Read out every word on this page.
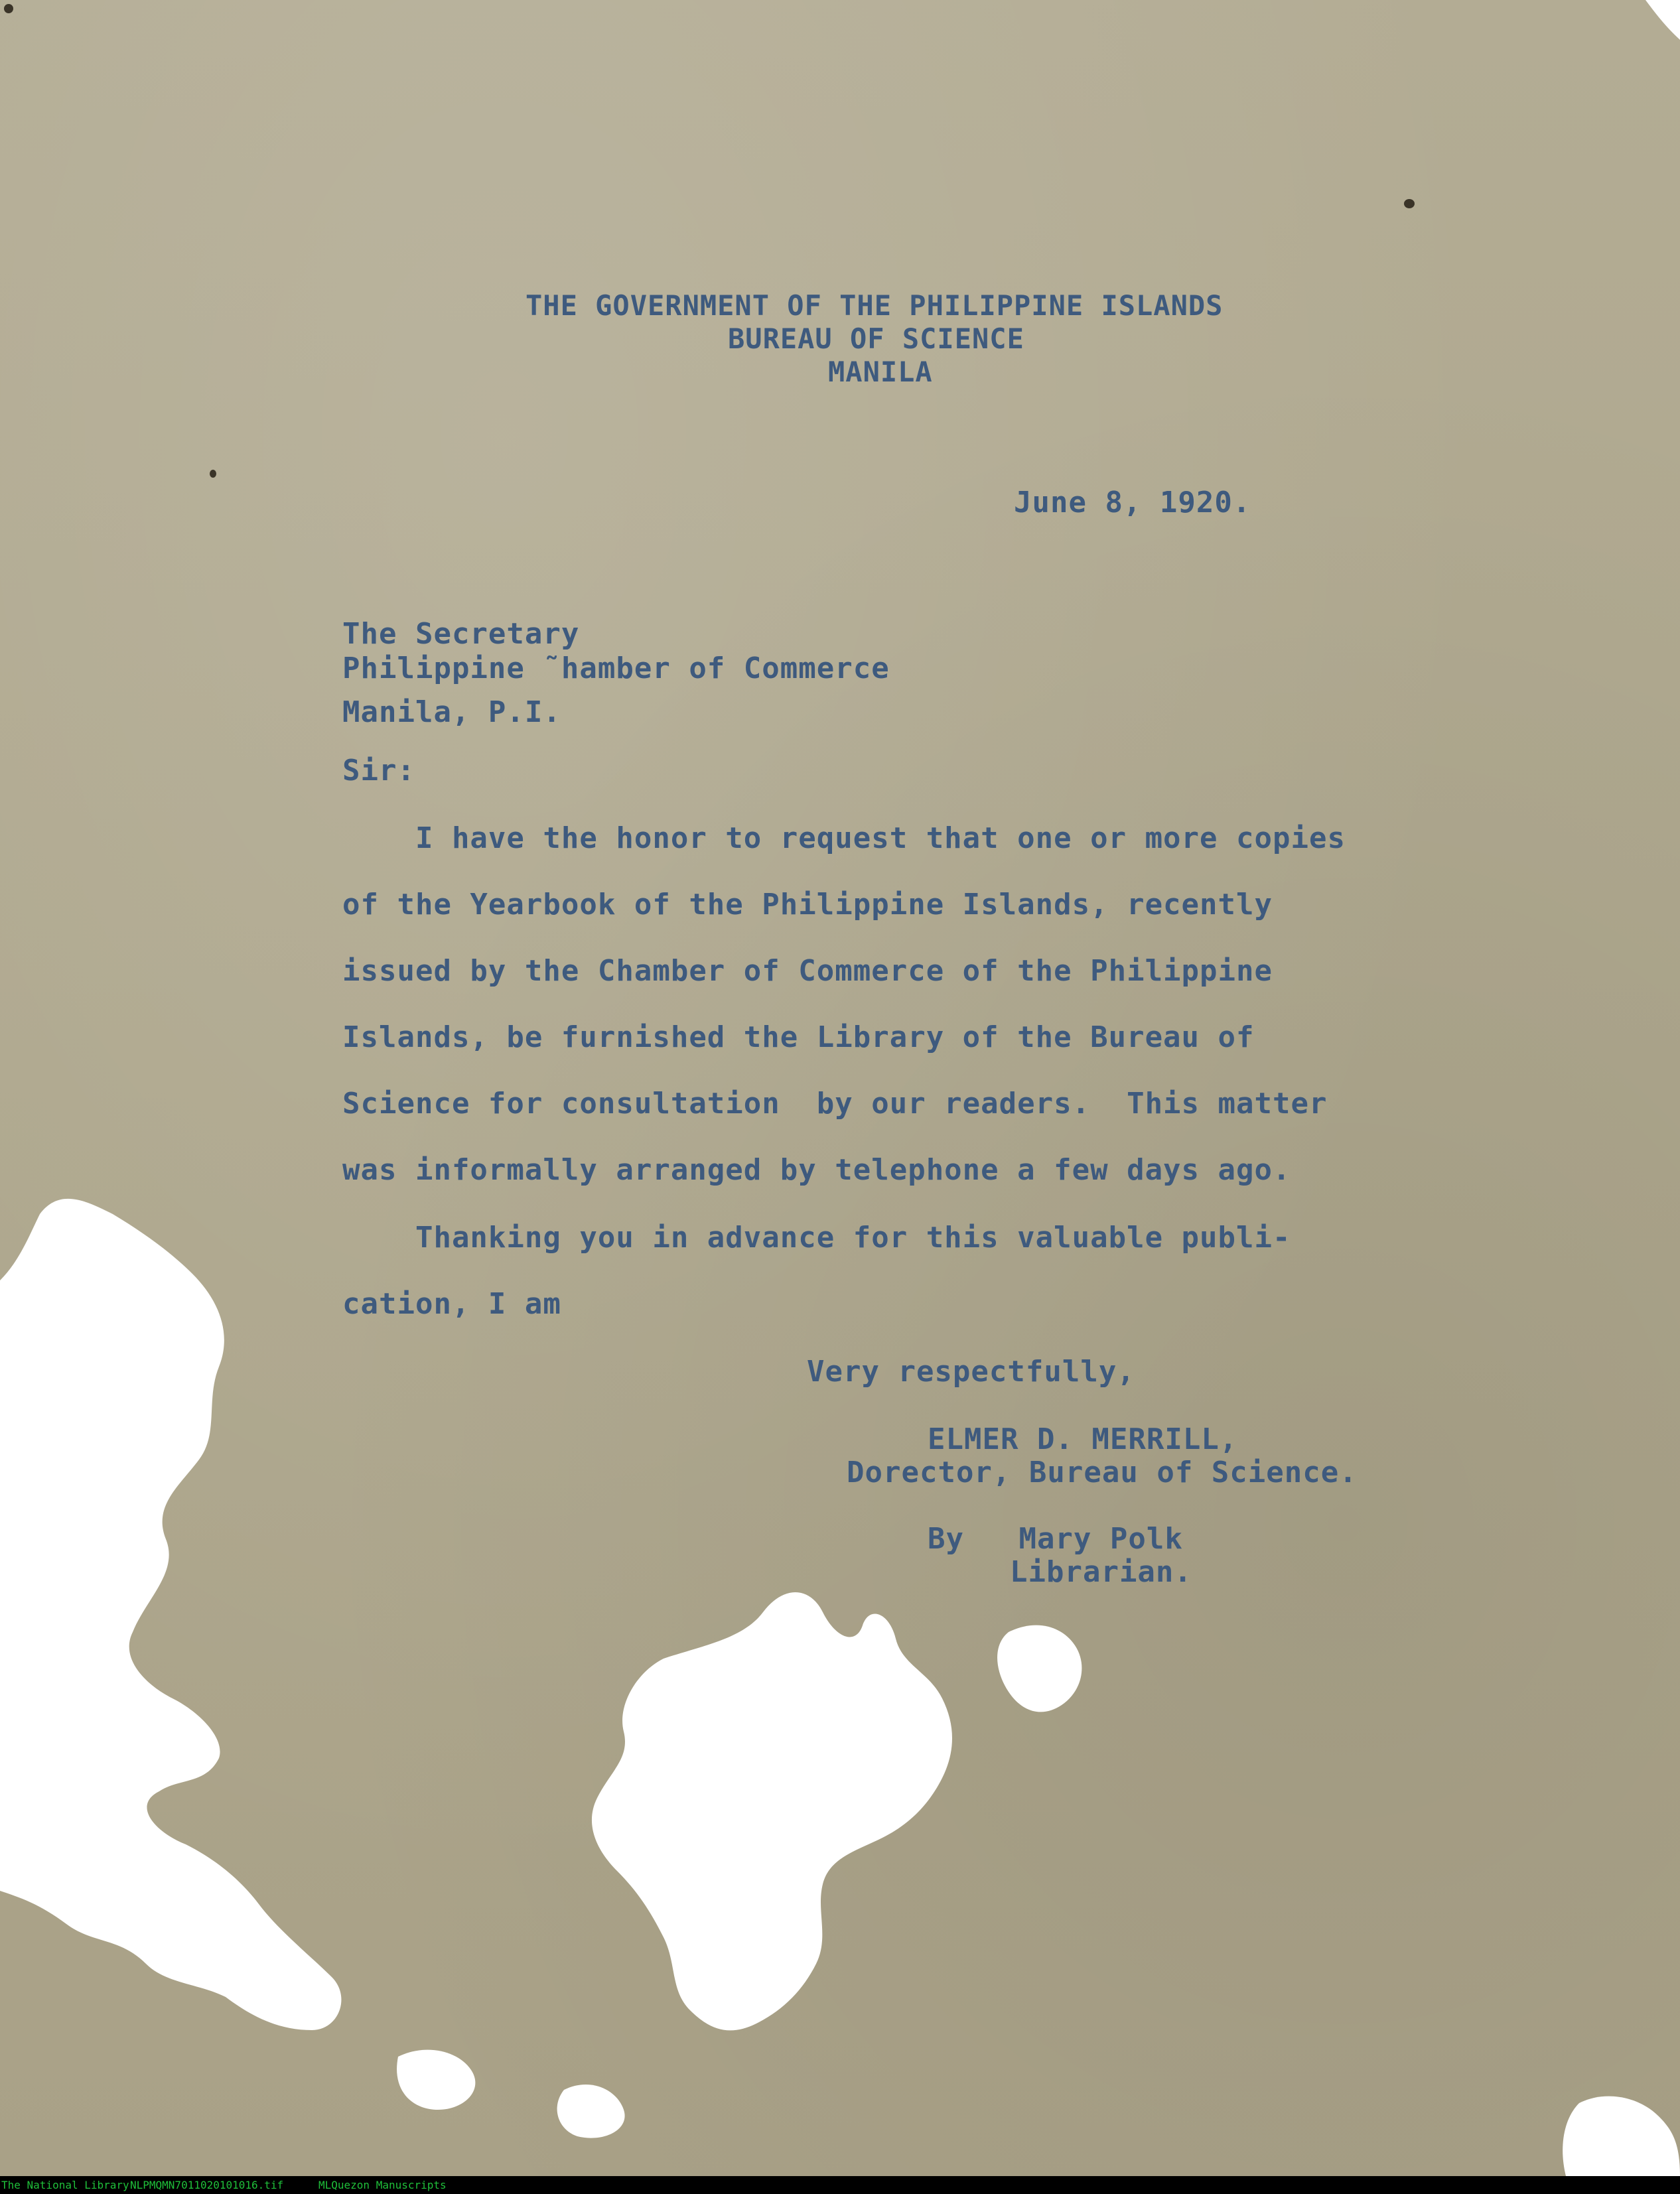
THE GOVERNMENT OF THE PHILIPPINE ISLANDS
BUREAU OF SCIENCE
MANILA
June 8, 1920.
The Secretary
Philippine ˜hamber of Commerce
Manila, P.I.
Sir:
I have the honor to request that one or more copies
of the Yearbook of the Philippine Islands, recently
issued by the Chamber of Commerce of the Philippine
Islands, be furnished the Library of the Bureau of
Science for consultation  by our readers.  This matter
was informally arranged by telephone a few days ago.
Thanking you in advance for this valuable publi-
cation, I am
Very respectfully,
ELMER D. MERRILL,
Dorector, Bureau of Science.
By   Mary Polk
Librarian.
The National Library NLPMQMN7011020101016.tif	MLQuezon Manuscripts
